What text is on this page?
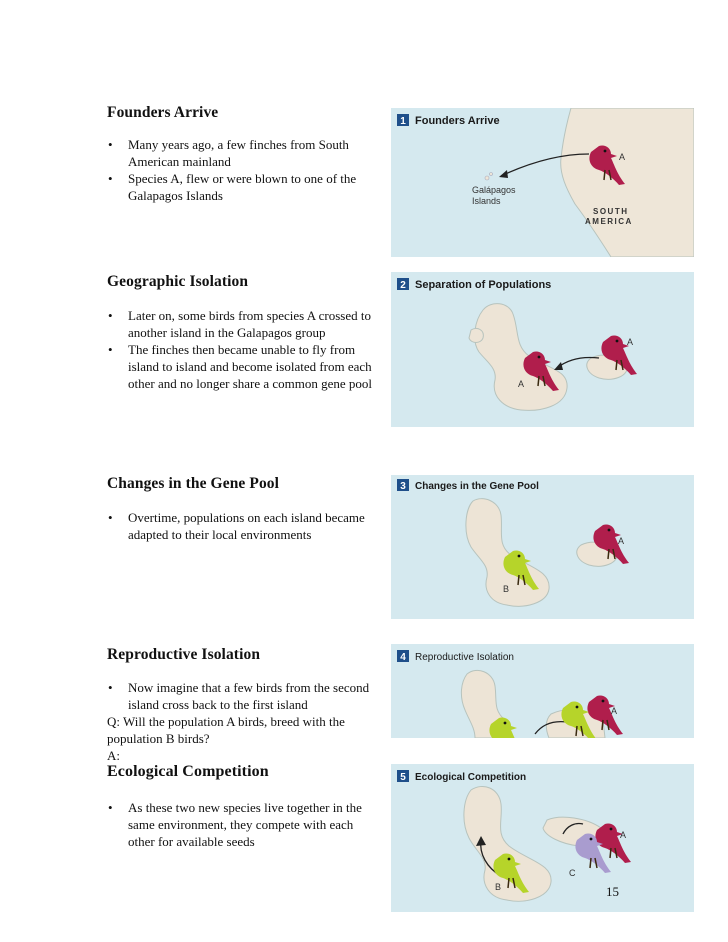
Founders Arrive
• Many years ago, a few finches from South American mainland
• Species A, flew or were blown to one of the Galapagos Islands
Geographic Isolation
• Later on, some birds from species A crossed to another island in the Galapagos group
• The finches then became unable to fly from island to island and become isolated from each other and no longer share a common gene pool
Changes in the Gene Pool
• Overtime, populations on each island became adapted to their local environments
Reproductive Isolation
• Now imagine that a few birds from the second island cross back to the first island
Q: Will the population A birds, breed with the population B birds?
A:
Ecological Competition
• As these two new species live together in the same environment, they compete with each other for available seeds
1 Founders Arrive
A
Galápagos
Islands
SOUTH
AMERICA
2 Separation of Populations
A
A
3 Changes in the Gene Pool
A
B
4 Reproductive Isolation
A
5 Ecological Competition
A
B
C
15
